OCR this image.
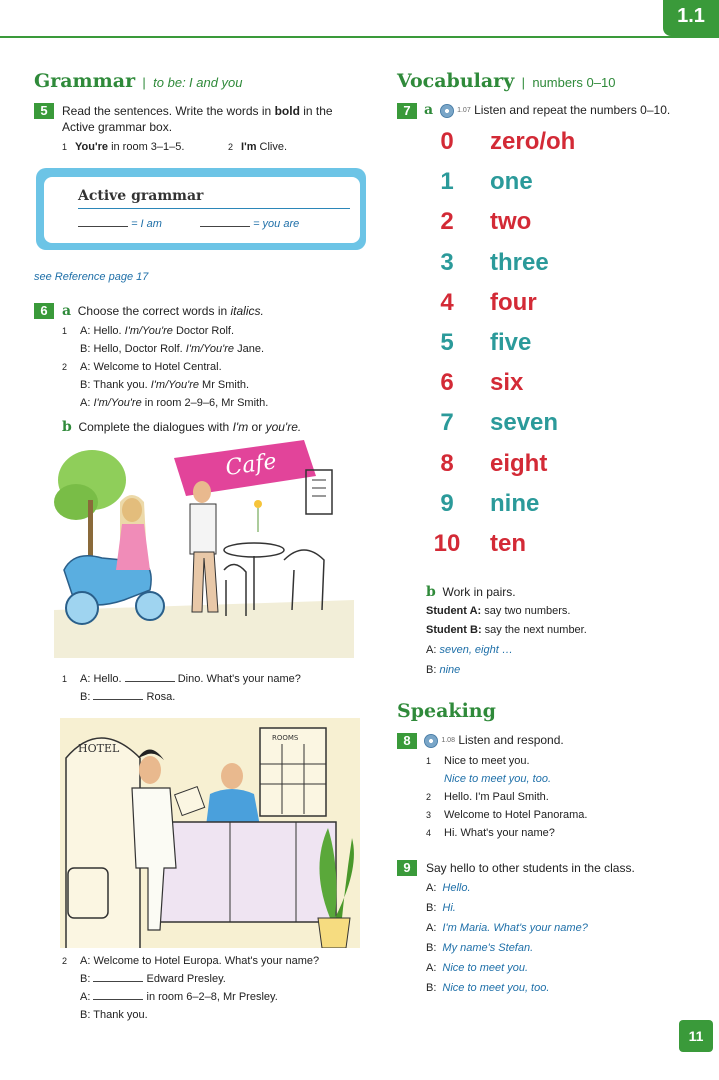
1.1
Grammar | to be: I and you
5	Read the sentences. Write the words in bold in the
Active grammar box.
1 You're in room 3–1–5.	2 I'm Clive.
Active grammar
= I am	= you are
see Reference page 17
6	a Choose the correct words in italics.
1 A: Hello. I'm/You're Doctor Rolf.
B: Hello, Doctor Rolf. I'm/You're Jane.
2 A: Welcome to Hotel Central.
B: Thank you. I'm/You're Mr Smith.
A: I'm/You're in room 2–9–6, Mr Smith.
b Complete the dialogues with I'm or you're.
Cafe
1 A: Hello.	Dino. What's your name?
B:	Rosa.
HOTEL
ROOMS
2 A: Welcome to Hotel Europa. What's your name?
B:	Edward Presley.
A:	in room 6–2–8, Mr Presley.
B: Thank you.
Vocabulary | numbers 0–10
7 a	1.07 Listen and repeat the numbers 0–10.
0 zero/oh
1 one
2 two
3 three
4 four
5 five
6 six
7 seven
8 eight
9 nine
10 ten
b Work in pairs.
Student A: say two numbers.
Student B: say the next number.
A: seven, eight …
B: nine
Speaking
8	1.08 Listen and respond.
1 Nice to meet you.
Nice to meet you, too.
2 Hello. I'm Paul Smith.
3 Welcome to Hotel Panorama.
4 Hi. What's your name?
9	Say hello to other students in the class.
A: Hello.
B: Hi.
A: I'm Maria. What's your name?
B: My name's Stefan.
A: Nice to meet you.
B: Nice to meet you, too.
11
